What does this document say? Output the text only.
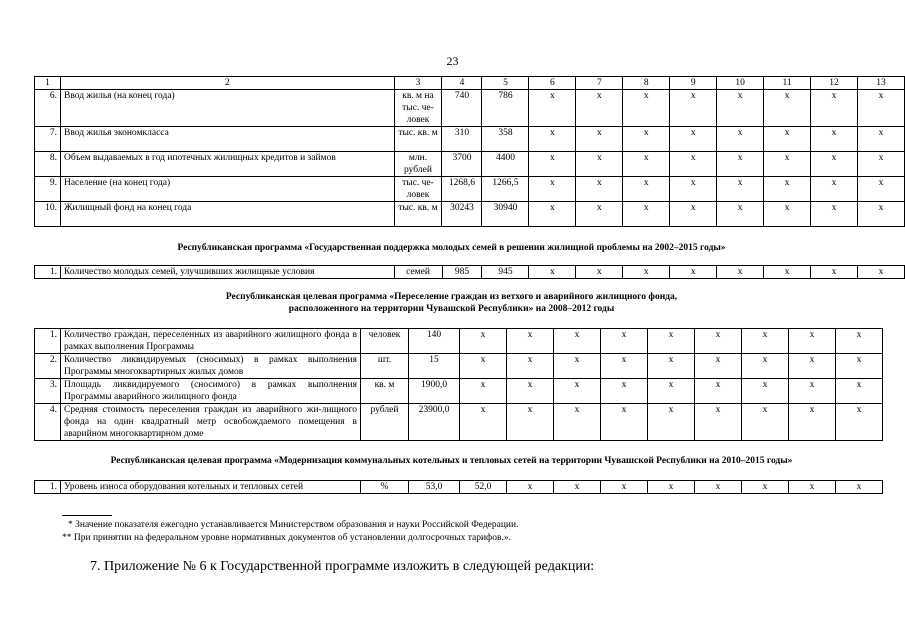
23
1	2	3	4	5	6	7	8	9	10	11	12	13
6.	Ввод жилья (на конец года)	кв. м на тыс. че-ловек	740	786	х	х	х	х	х	х	х	х
7.	Ввод жилья экономкласса	тыс. кв. м	310	358	х	х	х	х	х	х	х	х
8.	Объем выдаваемых в год ипотечных жилищных кредитов и займов	млн. рублей	3700	4400	х	х	х	х	х	х	х	х
9.	Население (на конец года)	тыс. че-ловек	1268,6	1266,5	х	х	х	х	х	х	х	х
10.	Жилищный фонд на конец года	тыс. кв. м	30243	30940	х	х	х	х	х	х	х	х
Республиканская программа «Государственная поддержка молодых семей в решении жилищной проблемы на 2002–2015 годы»
1.	Количество молодых семей, улучшивших жилищные условия	семей	985	945	х	х	х	х	х	х	х	х
Республиканская целевая программа «Переселение граждан из ветхого и аварийного жилищного фонда,
расположенного на территории Чувашской Республики» на 2008–2012 годы
1.	Количество граждан, переселенных из аварийного жилищного фонда в рамках выполнения Программы	человек	140	х	х	х	х	х	х	х	х	х
2.	Количество ликвидируемых (сносимых) в рамках выполнения Программы многоквартирных жилых домов	шт.	15	х	х	х	х	х	х	х	х	х
3.	Площадь ликвидируемого (сносимого) в рамках выполнения Программы аварийного жилищного фонда	кв. м	1900,0	х	х	х	х	х	х	х	х	х
4.	Средняя стоимость переселения граждан из аварийного жи-лищного фонда на один квадратный метр освобождаемого помещения в аварийном многоквартирном доме	рублей	23900,0	х	х	х	х	х	х	х	х	х
Республиканская целевая программа «Модернизация коммунальных котельных и тепловых сетей на территории Чувашской Республики на 2010–2015 годы»
1.	Уровень износа оборудования котельных и тепловых сетей	%	53,0	52,0	х	х	х	х	х	х	х	х
* Значение показателя ежегодно устанавливается Министерством образования и науки Российской Федерации.
** При принятии на федеральном уровне нормативных документов об установлении долгосрочных тарифов.».
7. Приложение № 6 к Государственной программе изложить в следующей редакции:
